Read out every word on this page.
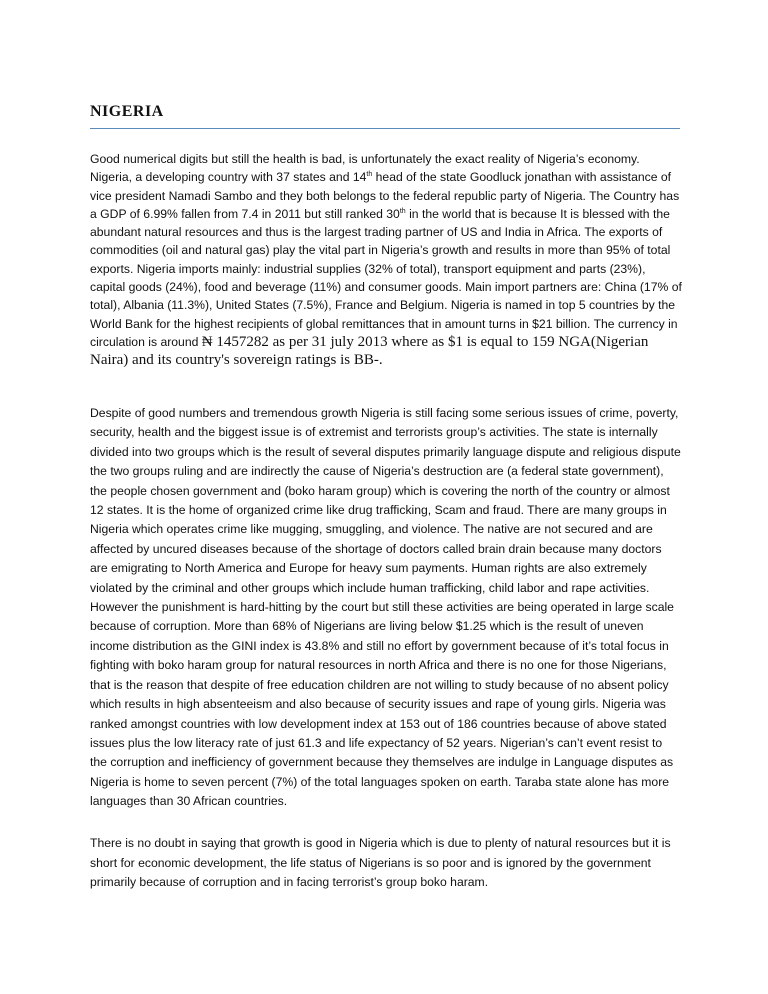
NIGERIA

Good numerical digits but still the health is bad, is unfortunately the exact reality of Nigeria’s economy. Nigeria, a developing country with 37 states and 14th head of the state Goodluck jonathan with assistance of vice president Namadi Sambo and they both belongs to the federal republic party of Nigeria. The Country has a GDP of 6.99% fallen from 7.4 in 2011 but still ranked 30th in the world that is because It is blessed with the abundant natural resources and thus is the largest trading partner of US and India in Africa. The exports of commodities (oil and natural gas) play the vital part in Nigeria’s growth and results in more than 95% of total exports. Nigeria imports mainly: industrial supplies (32% of total), transport equipment and parts (23%), capital goods (24%), food and beverage (11%) and consumer goods. Main import partners are: China (17% of total), Albania (11.3%), United States (7.5%), France and Belgium. Nigeria is named in top 5 countries by the World Bank for the highest recipients of global remittances that in amount turns in $21 billion. The currency in circulation is around ₦ 1457282 as per 31 july 2013 where as $1 is equal to 159 NGA(Nigerian Naira) and its country's sovereign ratings is BB-.

Despite of good numbers and tremendous growth Nigeria is still facing some serious issues of crime, poverty, security, health and the biggest issue is of extremist and terrorists group’s activities. The state is internally divided into two groups which is the result of several disputes primarily language dispute and religious dispute the two groups ruling and are indirectly the cause of Nigeria’s destruction are (a federal state government), the people chosen government and (boko haram group) which is covering the north of the country or almost 12 states. It is the home of organized crime like drug trafficking, Scam and fraud. There are many groups in Nigeria which operates crime like mugging, smuggling, and violence. The native are not secured and are affected by uncured diseases because of the shortage of doctors called brain drain because many doctors are emigrating to North America and Europe for heavy sum payments. Human rights are also extremely violated by the criminal and other groups which include human trafficking, child labor and rape activities. However the punishment is hard-hitting by the court but still these activities are being operated in large scale because of corruption. More than 68% of Nigerians are living below $1.25 which is the result of uneven income distribution as the GINI index is 43.8% and still no effort by government because of it’s total focus in fighting with boko haram group for natural resources in north Africa and there is no one for those Nigerians, that is the reason that despite of free education children are not willing to study because of no absent policy which results in high absenteeism and also because of security issues and rape of young girls. Nigeria was ranked amongst countries with low development index at 153 out of 186 countries because of above stated issues plus the low literacy rate of just 61.3 and life expectancy of 52 years. Nigerian’s can’t event resist to the corruption and inefficiency of government because they themselves are indulge in Language disputes as Nigeria is home to seven percent (7%) of the total languages spoken on earth. Taraba state alone has more languages than 30 African countries.

There is no doubt in saying that growth is good in Nigeria which is due to plenty of natural resources but it is short for economic development, the life status of Nigerians is so poor and is ignored by the government primarily because of corruption and in facing terrorist’s group boko haram.
